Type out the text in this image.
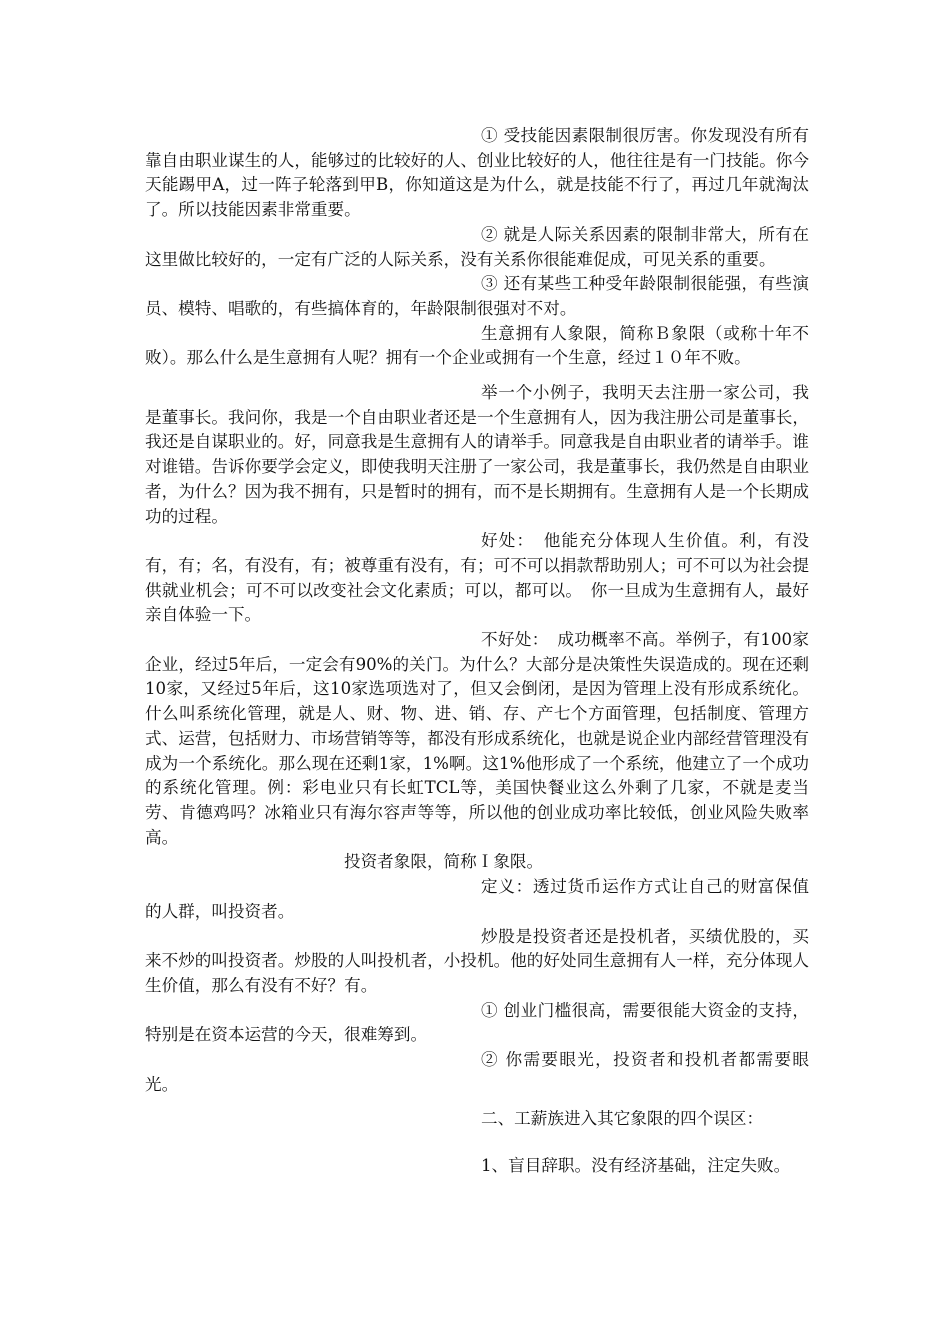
① 受技能因素限制很厉害。你发现没有所有靠自由职业谋生的人，能够过的比较好的人、创业比较好的人，他往往是有一门技能。你今天能踢甲A，过一阵子轮落到甲B，你知道这是为什么，就是技能不行了，再过几年就淘汰了。所以技能因素非常重要。

② 就是人际关系因素的限制非常大，所有在这里做比较好的，一定有广泛的人际关系，没有关系你很能难促成，可见关系的重要。

③ 还有某些工种受年龄限制很能强，有些演员、模特、唱歌的，有些搞体育的，年龄限制很强对不对。

生意拥有人象限，简称Ｂ象限（或称十年不败）。那么什么是生意拥有人呢？拥有一个企业或拥有一个生意，经过１０年不败。

举一个小例子，我明天去注册一家公司，我是董事长。我问你，我是一个自由职业者还是一个生意拥有人，因为我注册公司是董事长，我还是自谋职业的。好，同意我是生意拥有人的请举手。同意我是自由职业者的请举手。谁对谁错。告诉你要学会定义，即使我明天注册了一家公司，我是董事长，我仍然是自由职业者，为什么？因为我不拥有，只是暂时的拥有，而不是长期拥有。生意拥有人是一个长期成功的过程。

好处：　他能充分体现人生价值。利，有没有，有；名，有没有，有；被尊重有没有，有；可不可以捐款帮助别人；可不可以为社会提供就业机会；可不可以改变社会文化素质；可以，都可以。　你一旦成为生意拥有人，最好亲自体验一下。

不好处：　成功概率不高。举例子，有100家企业，经过5年后，一定会有90%的关门。为什么？大部分是决策性失误造成的。现在还剩10家，又经过5年后，这10家选项选对了，但又会倒闭，是因为管理上没有形成系统化。什么叫系统化管理，就是人、财、物、进、销、存、产七个方面管理，包括制度、管理方式、运营，包括财力、市场营销等等，都没有形成系统化，也就是说企业内部经营管理没有成为一个系统化。那么现在还剩1家，1%啊。这1%他形成了一个系统，他建立了一个成功的系统化管理。例：彩电业只有长虹TCL等，美国快餐业这么外剩了几家，不就是麦当劳、肯德鸡吗？冰箱业只有海尔容声等等，所以他的创业成功率比较低，创业风险失败率高。

投资者象限，简称Ｉ象限。

定义：透过货币运作方式让自己的财富保值的人群，叫投资者。

炒股是投资者还是投机者，买绩优股的，买来不炒的叫投资者。炒股的人叫投机者，小投机。他的好处同生意拥有人一样，充分体现人生价值，那么有没有不好？有。

① 创业门槛很高，需要很能大资金的支持，特别是在资本运营的今天，很难筹到。

② 你需要眼光，投资者和投机者都需要眼光。

二、工薪族进入其它象限的四个误区：

1、盲目辞职。没有经济基础，注定失败。
